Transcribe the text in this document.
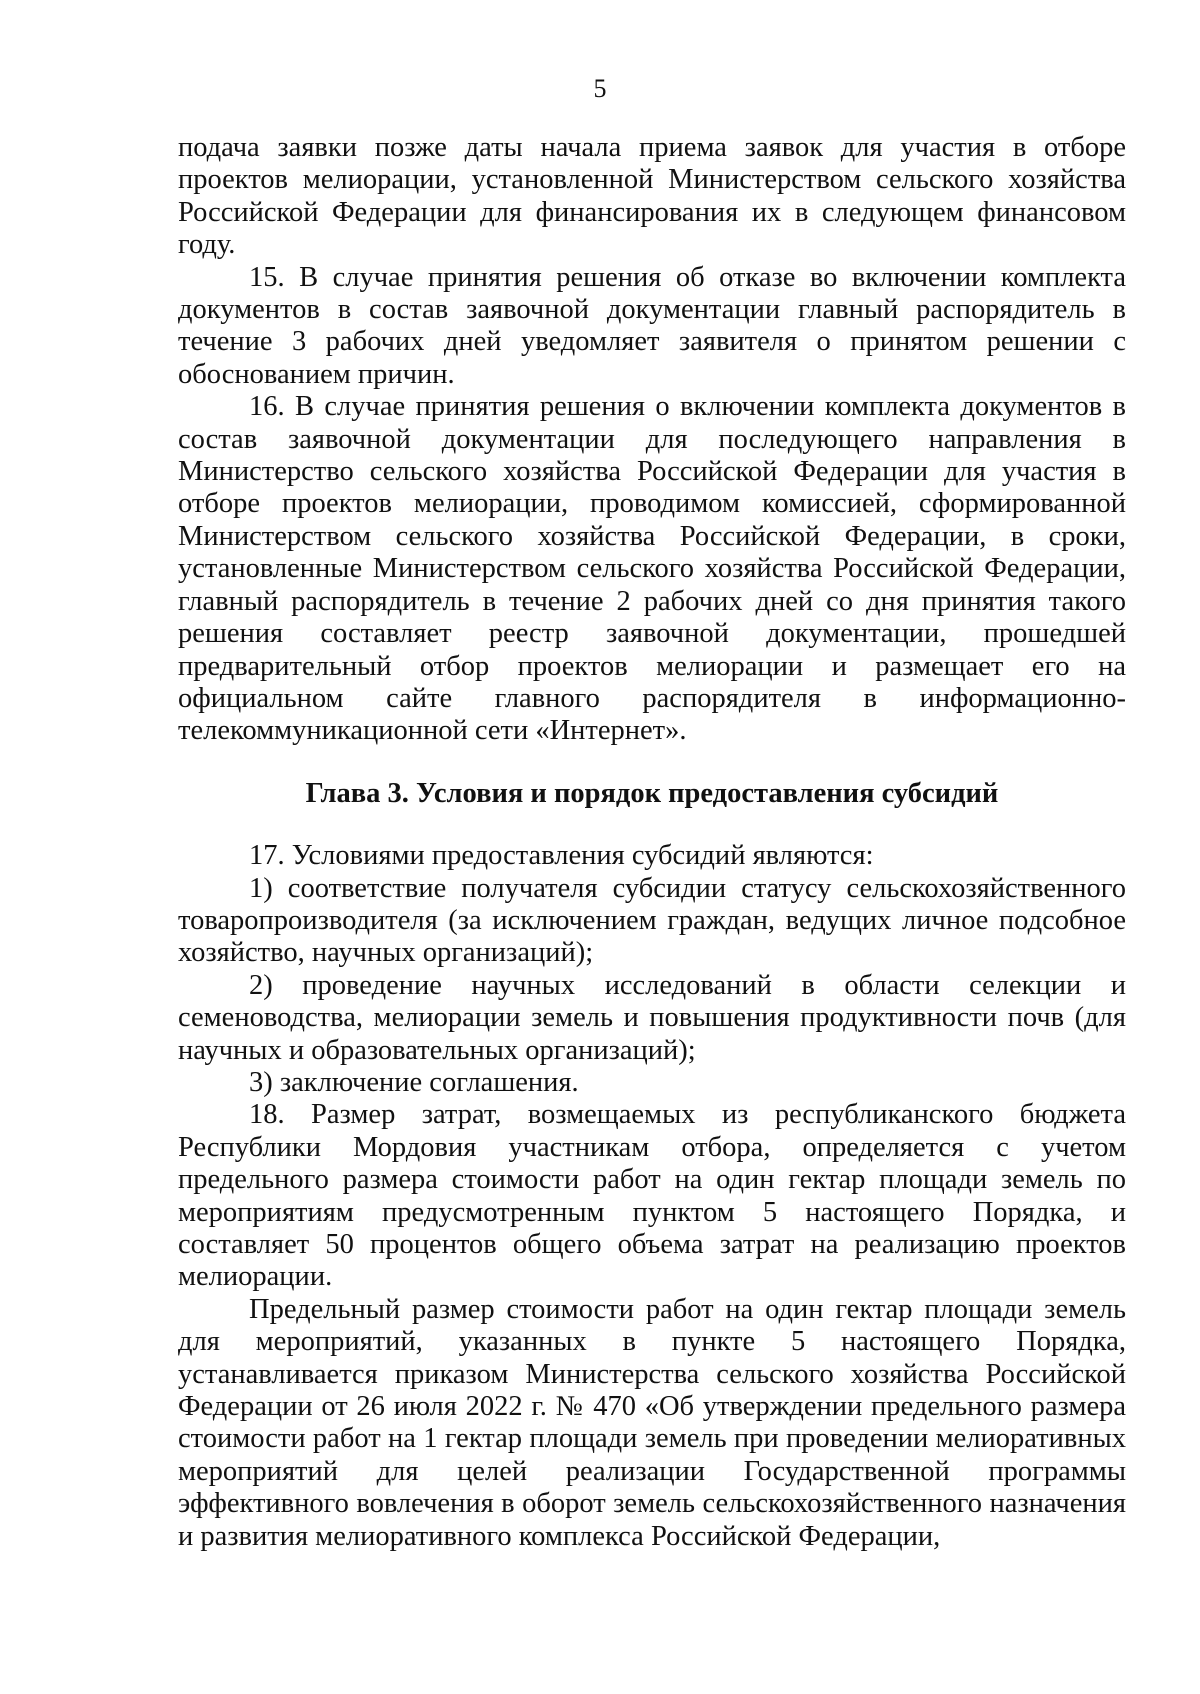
5

подача заявки позже даты начала приема заявок для участия в отборе проектов мелиорации, установленной Министерством сельского хозяйства Российской Федерации для финансирования их в следующем финансовом году.

15. В случае принятия решения об отказе во включении комплекта документов в состав заявочной документации главный распорядитель в течение 3 рабочих дней уведомляет заявителя о принятом решении с обоснованием причин.

16. В случае принятия решения о включении комплекта документов в состав заявочной документации для последующего направления в Министерство сельского хозяйства Российской Федерации для участия в отборе проектов мелиорации, проводимом комиссией, сформированной Министерством сельского хозяйства Российской Федерации, в сроки, установленные Министерством сельского хозяйства Российской Федерации, главный распорядитель в течение 2 рабочих дней со дня принятия такого решения составляет реестр заявочной документации, прошедшей предварительный отбор проектов мелиорации и размещает его на официальном сайте главного распорядителя в информационно-телекоммуникационной сети «Интернет».

Глава 3. Условия и порядок предоставления субсидий

17. Условиями предоставления субсидий являются:

1) соответствие получателя субсидии статусу сельскохозяйственного товаропроизводителя (за исключением граждан, ведущих личное подсобное хозяйство, научных организаций);

2) проведение научных исследований в области селекции и семеноводства, мелиорации земель и повышения продуктивности почв (для научных и образовательных организаций);

3) заключение соглашения.

18. Размер затрат, возмещаемых из республиканского бюджета Республики Мордовия участникам отбора, определяется с учетом предельного размера стоимости работ на один гектар площади земель по мероприятиям предусмотренным пунктом 5 настоящего Порядка, и составляет 50 процентов общего объема затрат на реализацию проектов мелиорации.

Предельный размер стоимости работ на один гектар площади земель для мероприятий, указанных в пункте 5 настоящего Порядка, устанавливается приказом Министерства сельского хозяйства Российской Федерации от 26 июля 2022 г. № 470 «Об утверждении предельного размера стоимости работ на 1 гектар площади земель при проведении мелиоративных мероприятий для целей реализации Государственной программы эффективного вовлечения в оборот земель сельскохозяйственного назначения и развития мелиоративного комплекса Российской Федерации,
